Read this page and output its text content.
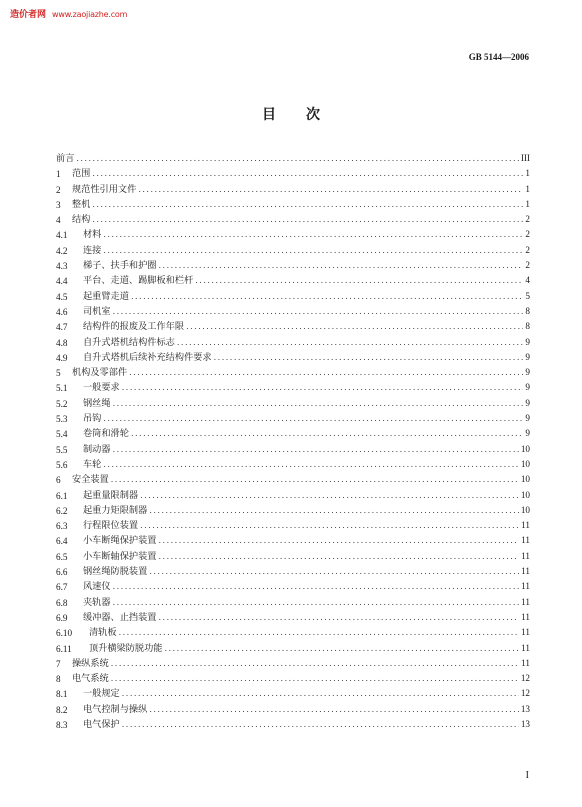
造价者网 www.zaojiazhe.com
GB 5144—2006
目次
前言 .....	III
1 范围 .....	1
2 规范性引用文件 .....	1
3 整机 .....	1
4 结构 .....	2
4.1 材料 .....	2
4.2 连接 .....	2
4.3 梯子、扶手和护圈 .....	2
4.4 平台、走道、踢脚板和栏杆 .....	4
4.5 起重臂走道 .....	5
4.6 司机室 .....	8
4.7 结构件的报废及工作年限 .....	8
4.8 自升式塔机结构件标志 .....	9
4.9 自升式塔机后续补充结构件要求 .....	9
5 机构及零部件 .....	9
5.1 一般要求 .....	9
5.2 钢丝绳 .....	9
5.3 吊钩 .....	9
5.4 卷筒和滑轮 .....	9
5.5 制动器 .....	10
5.6 车轮 .....	10
6 安全装置 .....	10
6.1 起重量限制器 .....	10
6.2 起重力矩限制器 .....	10
6.3 行程限位装置 .....	11
6.4 小车断绳保护装置 .....	11
6.5 小车断轴保护装置 .....	11
6.6 钢丝绳防脱装置 .....	11
6.7 风速仪 .....	11
6.8 夹轨器 .....	11
6.9 缓冲器、止挡装置 .....	11
6.10 清轨板 .....	11
6.11 顶升横梁防脱功能 .....	11
7 操纵系统 .....	11
8 电气系统 .....	12
8.1 一般规定 .....	12
8.2 电气控制与操纵 .....	13
8.3 电气保护 .....	13
I
